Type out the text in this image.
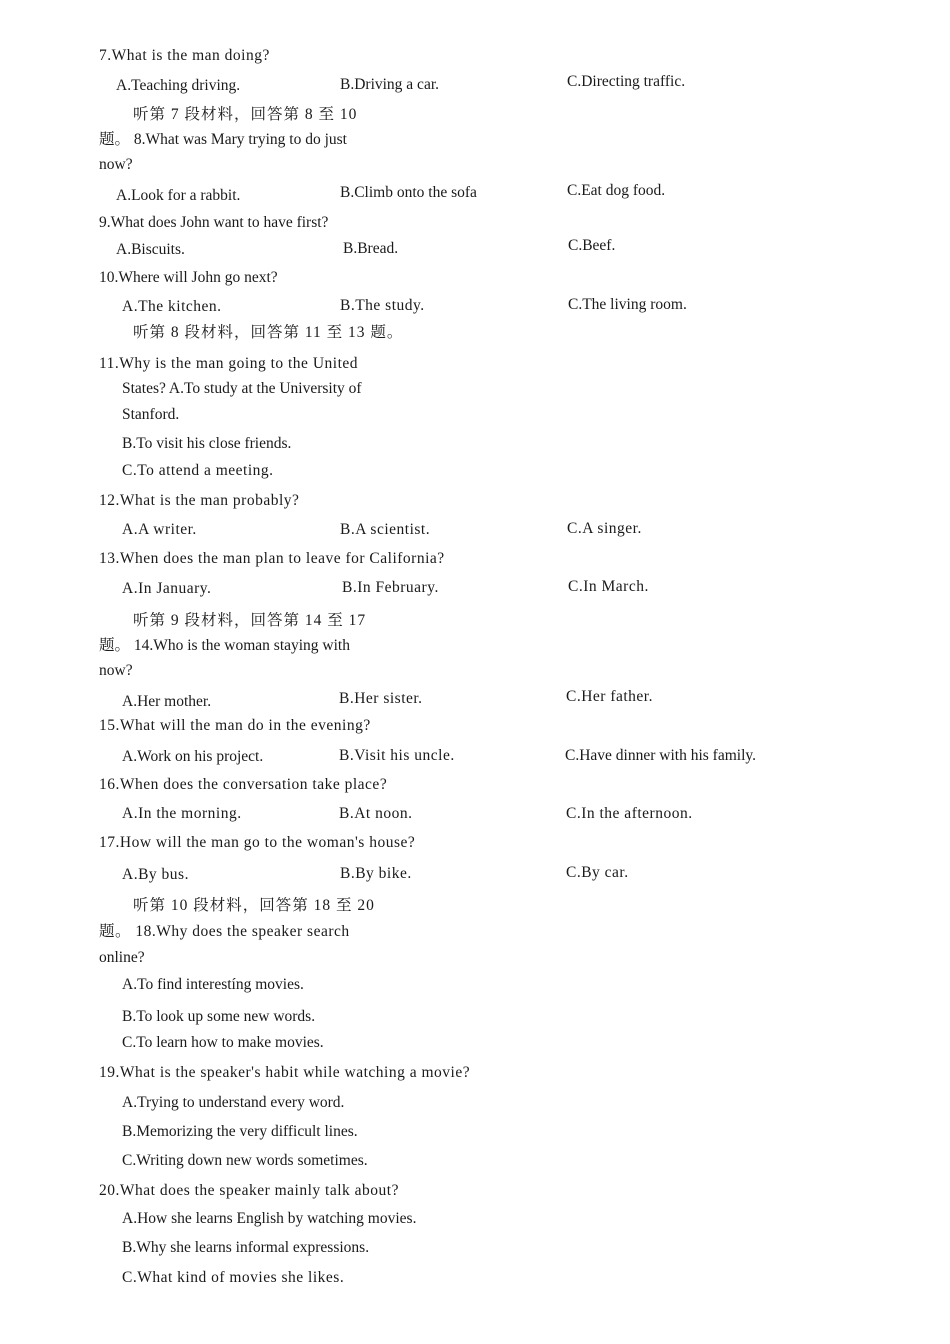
7.What is the man doing?
A.Teaching driving.	B.Driving a car.	C.Directing traffic.
听第 7 段材料，回答第 8 至 10
题。 8.What was Mary trying to do just
now?
A.Look for a rabbit.	B.Climb onto the sofa	C.Eat dog food.
9.What does John want to have first?
A.Biscuits.	B.Bread.	C.Beef.
10.Where will John go next?
A.The kitchen.	B.The study.	C.The living room.
听第 8 段材料，回答第 11 至 13 题。
11.Why is the man going to the United
States? A.To study at the University of
Stanford.
B.To visit his close friends.
C.To attend a meeting.
12.What is the man probably?
A.A writer.	B.A scientist.	C.A singer.
13.When does the man plan to leave for California?
A.In January.	B.In February.	C.In March.
听第 9 段材料，回答第 14 至 17
题。 14.Who is the woman staying with
now?
A.Her mother.	B.Her sister.	C.Her father.
15.What will the man do in the evening?
A.Work on his project.	B.Visit his uncle.	C.Have dinner with his family.
16.When does the conversation take place?
A.In the morning.	B.At noon.	C.In the afternoon.
17.How will the man go to the woman's house?
A.By bus.	B.By bike.	C.By car.
听第 10 段材料，回答第 18 至 20
题。 18.Why does the speaker search
online?
A.To find interestíng movies.
B.To look up some new words.
C.To learn how to make movies.
19.What is the speaker's habit while watching a movie?
A.Trying to understand every word.
B.Memorizing the very difficult lines.
C.Writing down new words sometimes.
20.What does the speaker mainly talk about?
A.How she learns English by watching movies.
B.Why she learns informal expressions.
C.What kind of movies she likes.
